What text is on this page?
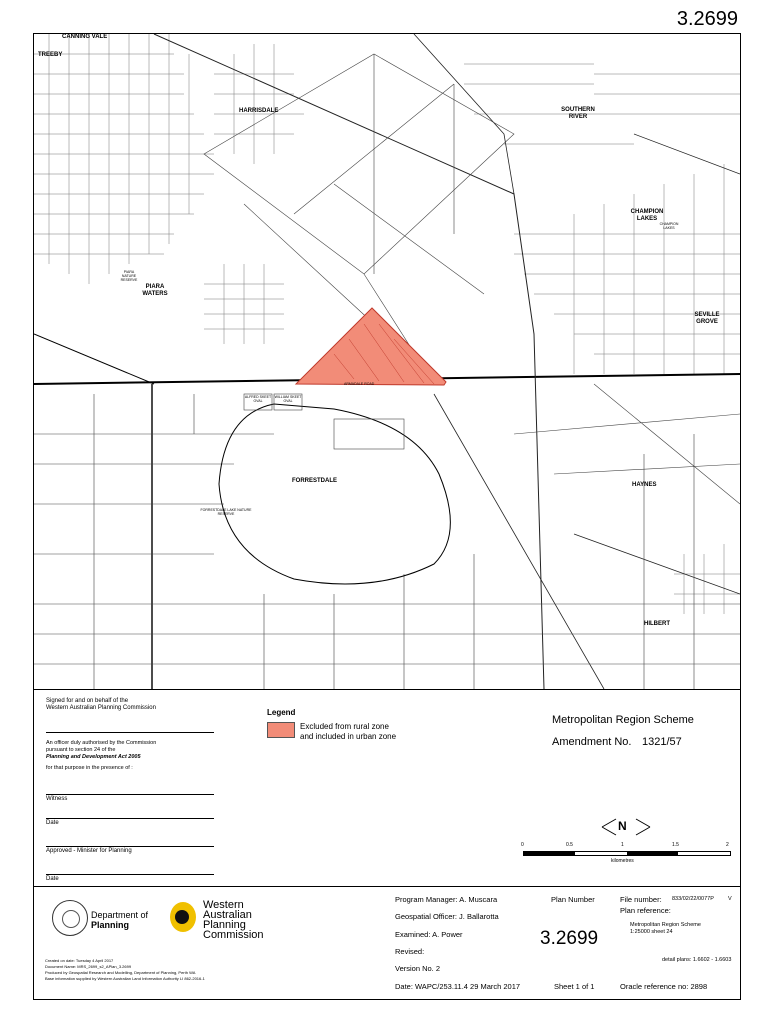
3.2699
CANNING VALE
TREEBY
HARRISDALE	SOUTHERN RIVER
CHAMPION LAKES
PIARA WATERS
SEVILLE GROVE
FORRESTDALE
HAYNES
HILBERT
PIARA NATURE RESERVE
ALFRED SKEET OVAL
WILLIAM SKEET OVAL
FORRESTDALE LAKE NATURE RESERVE
CHAMPION LAKES
ARMADALE ROAD
Signed for and on behalf of the
Western Australian Planning Commission
An officer duly authorised by the Commission
pursuant to section 24 of the
Planning and Development Act 2005
for that purpose in the presence of :
Witness
Date
Approved - Minister for Planning
Date
Legend
Excluded from rural zone
and included in urban zone
Metropolitan Region Scheme
Amendment No. 1321/57
N
0	0.5	1	1.5	2
kilometres
Department of
Planning
Western
Australian
Planning
Commission
Created on date: Tuesday 4 April 2017
Document Name: MRS_2699_s2_APlan_3.2699
Produced by Geospatial Research and Modelling, Department of Planning, Perth WA
Base information supplied by Western Australian Land Information Authority LI 862-2016-1
Program Manager: A. Muscara
Geospatial Officer: J. Ballarotta
Examined: A. Power
Revised:
Version No. 2
Date: WAPC/253.11.4 29 March 2017
Plan Number
3.2699
Sheet 1 of 1
File number: 833/02/22/0077P	V
Plan reference:
Metropolitan Region Scheme
1:25000 sheet 24
detail plans: 1.6602 - 1.6603
Oracle reference no: 2898
